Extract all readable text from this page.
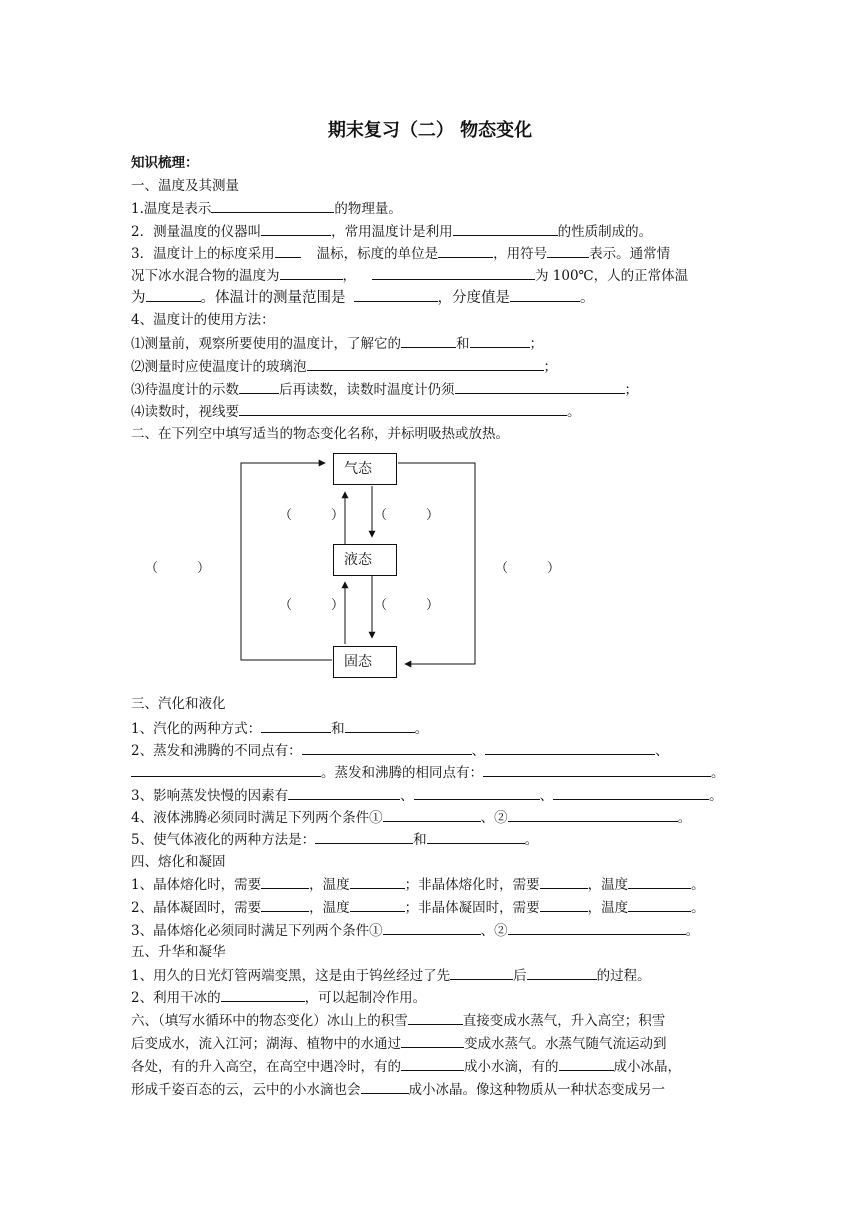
期末复习（二） 物态变化
知识梳理：
一、温度及其测量
1.温度是表示	的物理量。
2．测量温度的仪器叫	，常用温度计是利用	的性质制成的。
3．温度计上的标度采用	温标，标度的单位是	，用符号	表示。通常情
况下冰水混合物的温度为	，	为 100℃，人的正常体温
为	。体温计的测量范围是	，分度值是	。
4、温度计的使用方法：
⑴测量前，观察所要使用的温度计，了解它的	和	；
⑵测量时应使温度计的玻璃泡	；
⑶待温度计的示数	后再读数，读数时温度计仍须	；
⑷读数时，视线要	。
二、在下列空中填写适当的物态变化名称，并标明吸热或放热。
气态
液态
固态
（　　　） （　　　）
（　　　） （　　　）
（　　　）	（　　　）
三、汽化和液化
1、汽化的两种方式：	和	。
2、蒸发和沸腾的不同点有：	、	、
。蒸发和沸腾的相同点有：	。
3、影响蒸发快慢的因素有	、	、	。
4、液体沸腾必须同时满足下列两个条件①	、②	。
5、使气体液化的两种方法是：	和	。
四、熔化和凝固
1、晶体熔化时，需要	，温度	；非晶体熔化时，需要	，温度	。
2、晶体凝固时，需要	，温度	；非晶体凝固时，需要	，温度	。
3、晶体熔化必须同时满足下列两个条件①	、②	。
五、升华和凝华
1、用久的日光灯管两端变黑，这是由于钨丝经过了先	后	的过程。
2、利用干冰的	，可以起制冷作用。
六、（填写水循环中的物态变化）冰山上的积雪	直接变成水蒸气，升入高空；积雪
后变成水，流入江河；湖海、植物中的水通过	变成水蒸气。水蒸气随气流运动到
各处，有的升入高空，在高空中遇冷时，有的	成小水滴，有的	成小冰晶，
形成千姿百态的云，云中的小水滴也会	成小冰晶。像这种物质从一种状态变成另一
